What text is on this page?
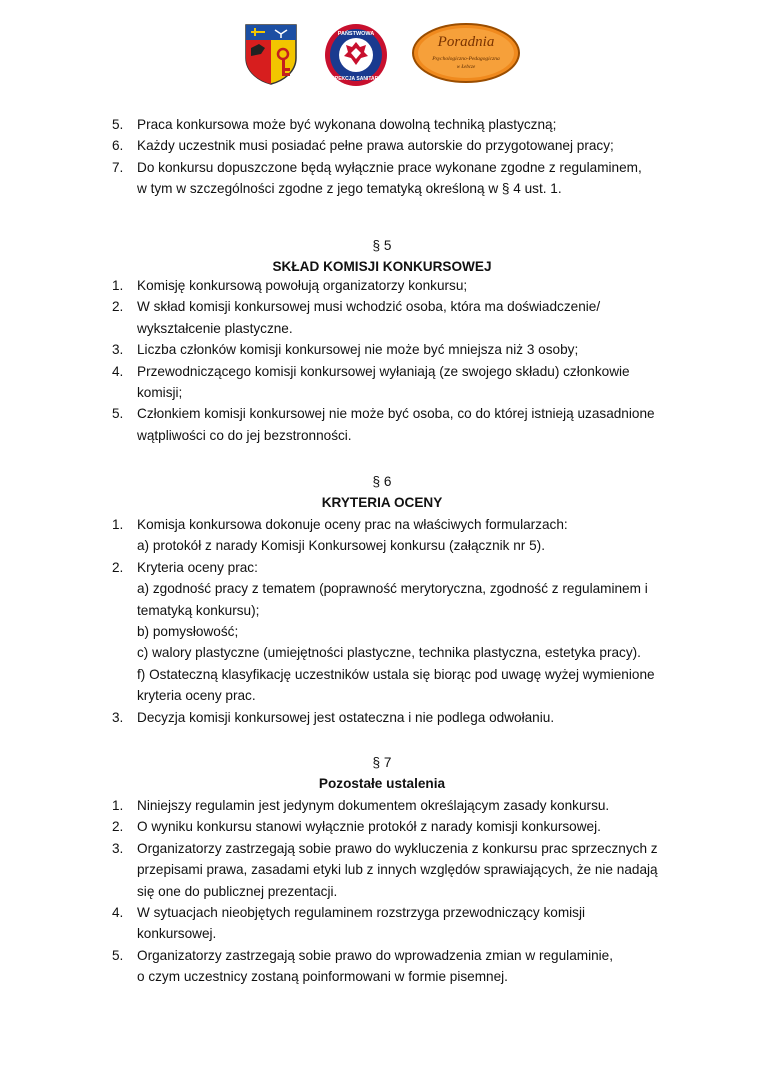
PAŃSTWOWA
INSPEKCJA SANITARNA
Poradnia
Psychologiczno-Pedagogiczna
w Łebcze
5.	Praca konkursowa może być wykonana dowolną techniką plastyczną;
6.	Każdy uczestnik musi posiadać pełne prawa autorskie do przygotowanej pracy;
7.	Do konkursu dopuszczone będą wyłącznie prace wykonane zgodne z regulaminem,
w tym w szczególności zgodne z jego tematyką określoną w § 4 ust. 1.
§ 5
SKŁAD KOMISJI KONKURSOWEJ
1.	Komisję konkursową powołują organizatorzy konkursu;
2.	W skład komisji konkursowej musi wchodzić osoba, która ma doświadczenie/
wykształcenie plastyczne.
3.	Liczba członków komisji konkursowej nie może być mniejsza niż 3 osoby;
4.	Przewodniczącego komisji konkursowej wyłaniają (ze swojego składu) członkowie
komisji;
5.	Członkiem komisji konkursowej nie może być osoba, co do której istnieją uzasadnione
wątpliwości co do jej bezstronności.
§ 6
KRYTERIA OCENY
1.	Komisja konkursowa dokonuje oceny prac na właściwych formularzach:
a) protokół z narady Komisji Konkursowej konkursu (załącznik nr 5).
2.	Kryteria oceny prac:
a) zgodność pracy z tematem (poprawność merytoryczna, zgodność z regulaminem i
tematyką konkursu);
b) pomysłowość;
c) walory plastyczne (umiejętności plastyczne, technika plastyczna, estetyka pracy).
f) Ostateczną klasyfikację uczestników ustala się biorąc pod uwagę wyżej wymienione
kryteria oceny prac.
3.	Decyzja komisji konkursowej jest ostateczna i nie podlega odwołaniu.
§ 7
Pozostałe ustalenia
1.	Niniejszy regulamin jest jedynym dokumentem określającym zasady konkursu.
2.	O wyniku konkursu stanowi wyłącznie protokół z narady komisji konkursowej.
3.	Organizatorzy zastrzegają sobie prawo do wykluczenia z konkursu prac sprzecznych z
przepisami prawa, zasadami etyki lub z innych względów sprawiających, że nie nadają
się one do publicznej prezentacji.
4.	W sytuacjach nieobjętych regulaminem rozstrzyga przewodniczący komisji
konkursowej.
5.	Organizatorzy zastrzegają sobie prawo do wprowadzenia zmian w regulaminie,
o czym uczestnicy zostaną poinformowani w formie pisemnej.
